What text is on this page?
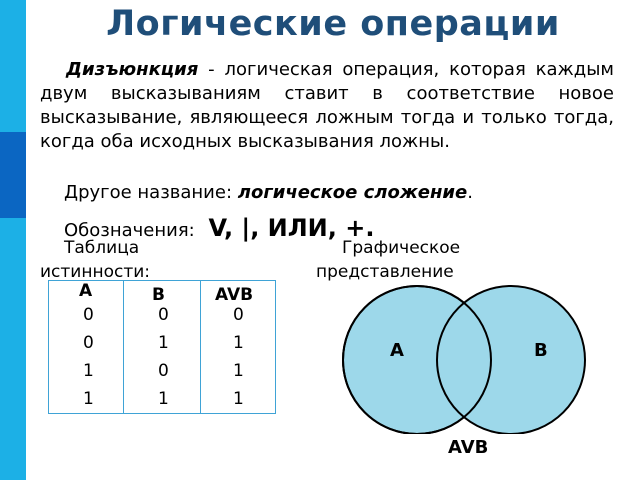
Логические операции
Дизъюнкция - логическая операция, которая каждым двум высказываниям ставит в соответствие новое высказывание, являющееся ложным тогда и только тогда, когда оба исходных высказывания ложны.
Другое название: логическое сложение.
Обозначения: V, |, ИЛИ, +.
Таблица
истинности:
Графическое
представление
A	B	AVB

0	0	0

0	1	1

1	0	1

1	1	1
A	B
AVB
